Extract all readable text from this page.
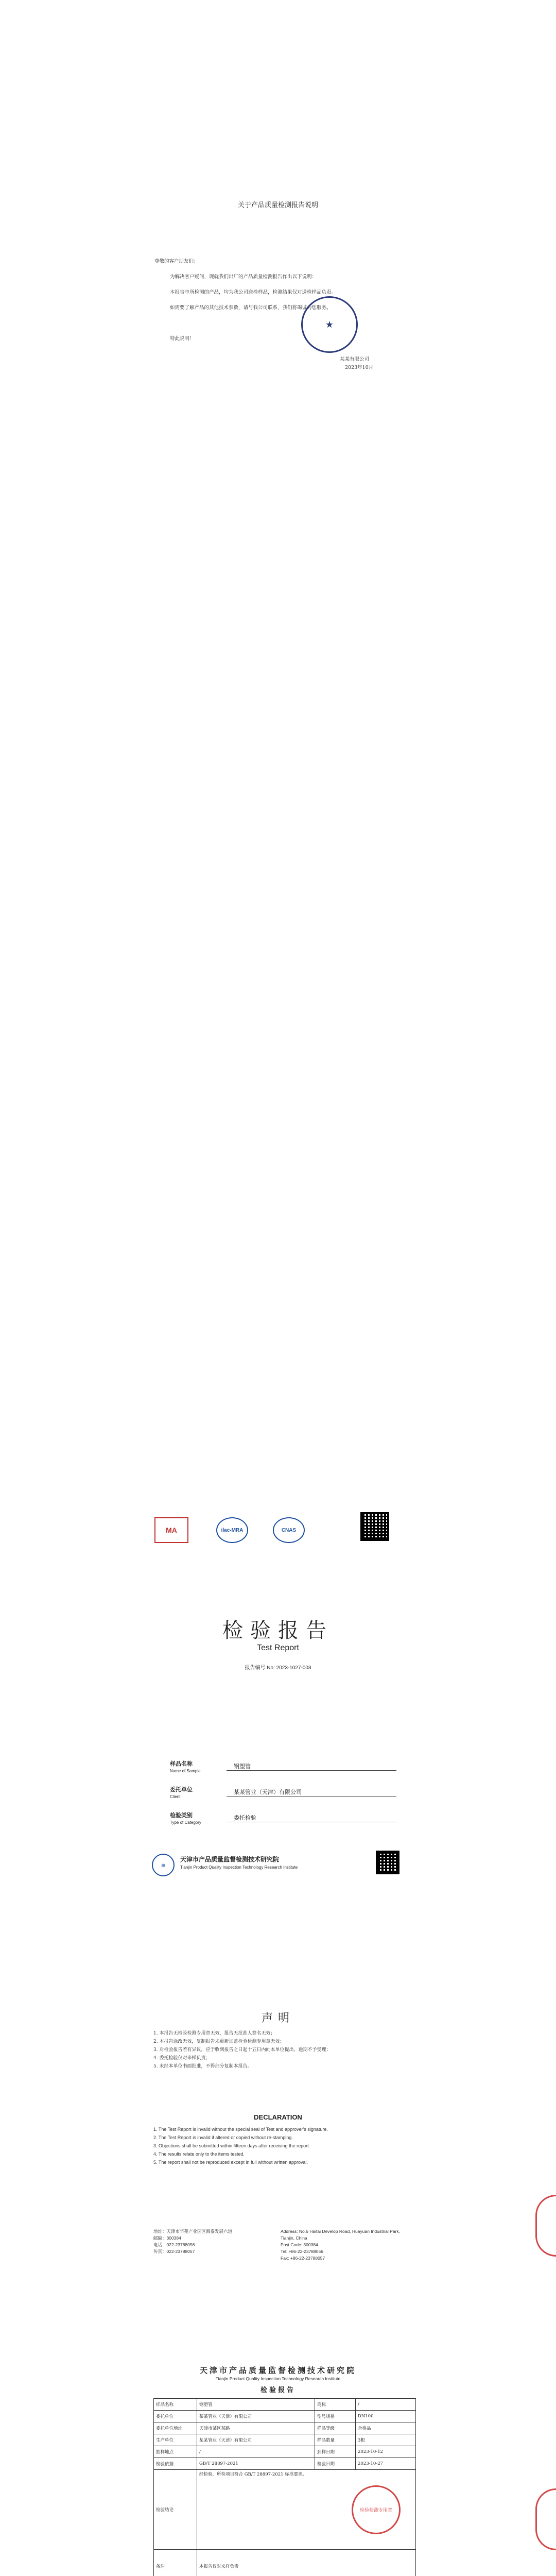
关于产品质量检测报告说明
尊敬的客户朋友们：
为解决客户疑问，现就我们出厂的产品质量检测报告作出以下说明：
本报告中所检测的产品，均为我公司送检样品，检测结果仅对送检样品负责。
如需要了解产品的其他技术参数，请与我公司联系，我们将竭诚为您服务。
特此说明！
★
某某有限公司
2023年10月
MA	ilac-MRA	CNAS
检验报告
Test Report
报告编号 No: 2023-1027-003
样品名称
Name of Sample
钢塑管
委托单位
Client
某某管业（天津）有限公司
检验类别
Type of Category
委托检验
◎
天津市产品质量监督检测技术研究院
Tianjin Product Quality Inspection Technology Research Institute
声明
1. 本报告无检验检测专用章无效，报告无批准人签名无效；
2. 本报告涂改无效，复制报告未重新加盖检验检测专用章无效；
3. 对检验报告若有异议，应于收到报告之日起十五日内向本单位提出，逾期不予受理；
4. 委托检验仅对来样负责；
5. 未经本单位书面批准，不得部分复制本报告。
DECLARATION
1. The Test Report is invalid without the special seal of Test and approver's signature.
2. The Test Report is invalid if altered or copied without re-stamping.
3. Objections shall be submitted within fifteen days after receiving the report.
4. The results relate only to the items tested.
5. The report shall not be reproduced except in full without written approval.
地址：天津市华苑产业园区海泰发展六道
邮编：300384
电话：022-23788056
传真：022-23788057
Address: No.6 Haitai Develop Road, Huayuan Industrial Park, Tianjin, China
Post Code: 300384
Tel: +86-22-23788056
Fax: +86-22-23788057
天津市产品质量监督检测技术研究院
Tianjin Product Quality Inspection Technology Research Institute
检验报告
样品名称	钢塑管	商标	/
委托单位	某某管业（天津）有限公司	型号规格	DN100
委托单位地址	天津市某区某路	样品等级	合格品
生产单位	某某管业（天津）有限公司	样品数量	3根
抽样地点	/	到样日期	2023-10-12
检验依据	GB/T 28897-2021	检验日期	2023-10-27
检验结论	经检验，所检项目符合 GB/T 28897-2021 标准要求。
检验检测专用章		

备注	本报告仅对来样负责		
